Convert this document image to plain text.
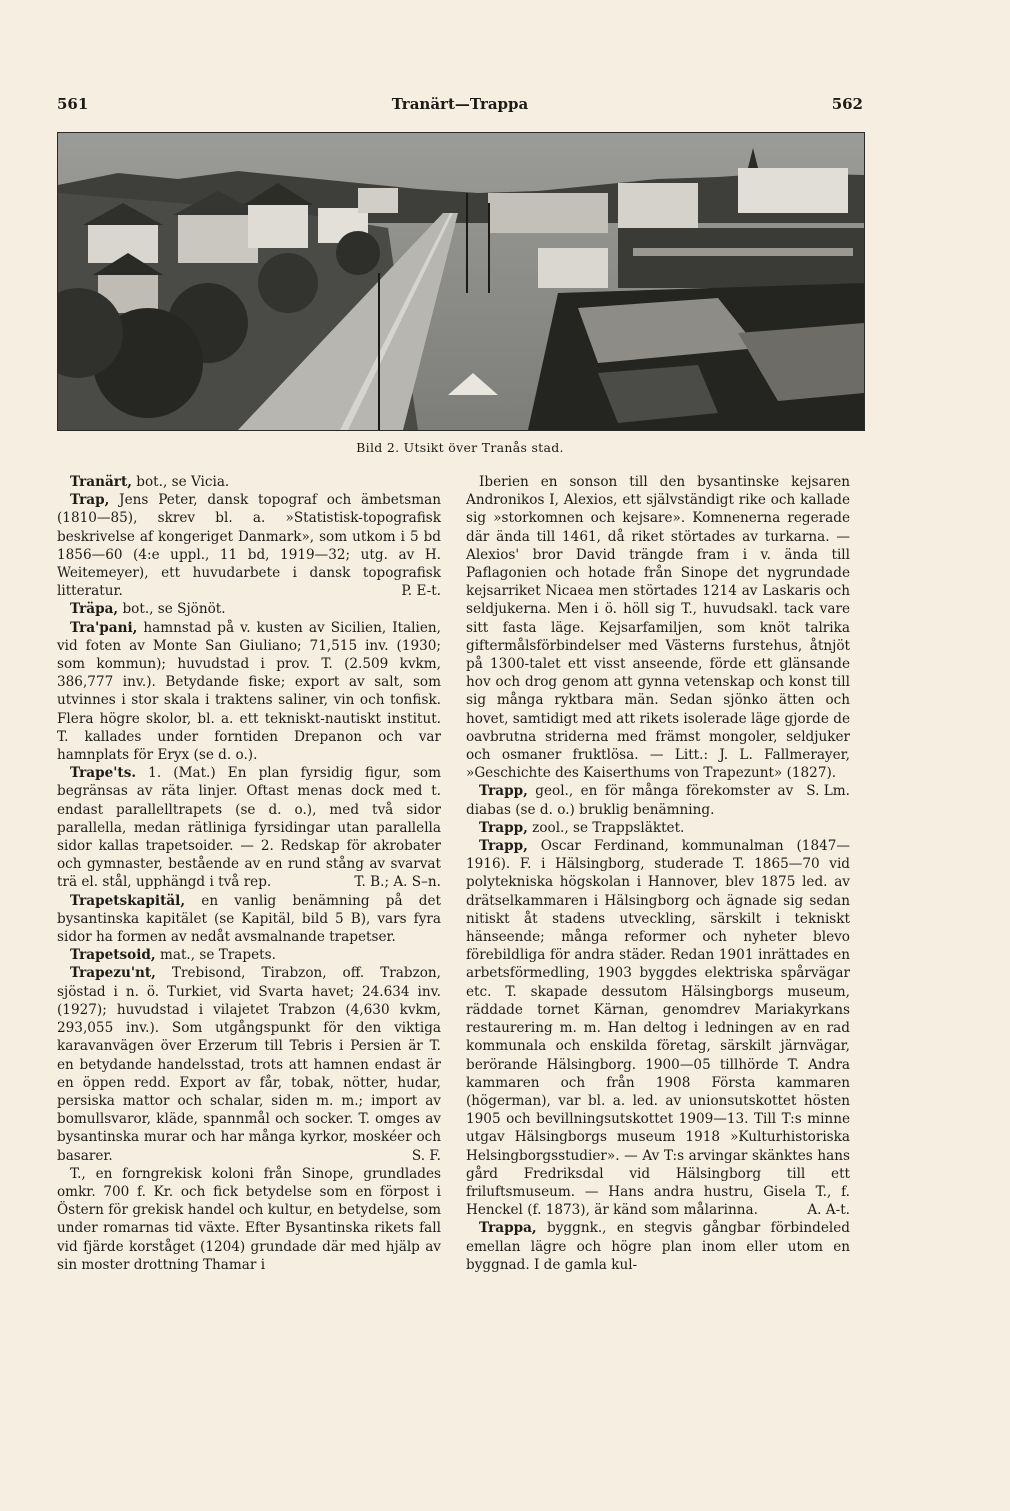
561	Tranärt—Trappa	562
Bild 2. Utsikt över Tranås stad.

Tranärt, bot., se Vicia.

Trap, Jens Peter, dansk topograf och ämbetsman (1810—85), skrev bl. a. »Statistisk-topografisk beskrivelse af kongeriget Danmark», som utkom i 5 bd 1856—60 (4:e uppl., 11 bd, 1919—32; utg. av H. Weitemeyer), ett huvudarbete i dansk topografisk litteratur.	P. E-t.

Träpa, bot., se Sjönöt.

Tra'pani, hamnstad på v. kusten av Sicilien, Italien, vid foten av Monte San Giuliano; 71,515 inv. (1930; som kommun); huvudstad i prov. T. (2.509 kvkm, 386,777 inv.). Betydande fiske; export av salt, som utvinnes i stor skala i traktens saliner, vin och tonfisk. Flera högre skolor, bl. a. ett tekniskt-nautiskt institut. T. kallades under forntiden Drepanon och var hamnplats för Eryx (se d. o.).

Trape'ts. 1. (Mat.) En plan fyrsidig figur, som begränsas av räta linjer. Oftast menas dock med t. endast parallelltrapets (se d. o.), med två sidor parallella, medan rätliniga fyrsidingar utan parallella sidor kallas trapetsoider. — 2. Redskap för akrobater och gymnaster, bestående av en rund stång av svarvat trä el. stål, upphängd i två rep.	T. B.; A. S–n.

Trapetskapitäl, en vanlig benämning på det bysantinska kapitälet (se Kapitäl, bild 5 B), vars fyra sidor ha formen av nedåt avsmalnande trapetser.

Trapetsoid, mat., se Trapets.

Trapezu'nt, Trebisond, Tirabzon, off. Trabzon, sjöstad i n. ö. Turkiet, vid Svarta havet; 24.634 inv. (1927); huvudstad i vilajetet Trabzon (4,630 kvkm, 293,055 inv.). Som utgångspunkt för den viktiga karavanvägen över Erzerum till Tebris i Persien är T. en betydande handelsstad, trots att hamnen endast är en öppen redd. Export av får, tobak, nötter, hudar, persiska mattor och schalar, siden m. m.; import av bomullsvaror, kläde, spannmål och socker. T. omges av bysantinska murar och har många kyrkor, moskéer och basarer.	S. F.

T., en forngrekisk koloni från Sinope, grundlades omkr. 700 f. Kr. och fick betydelse som en förpost i Östern för grekisk handel och kultur, en betydelse, som under romarnas tid växte. Efter Bysantinska rikets fall vid fjärde korståget (1204) grundade där med hjälp av sin moster drottning Thamar i

Iberien en sonson till den bysantinske kejsaren Andronikos I, Alexios, ett självständigt rike och kallade sig »storkomnen och kejsare». Komnenerna regerade där ända till 1461, då riket störtades av turkarna. — Alexios' bror David trängde fram i v. ända till Paflagonien och hotade från Sinope det nygrundade kejsarriket Nicaea men störtades 1214 av Laskaris och seldjukerna. Men i ö. höll sig T., huvudsakl. tack vare sitt fasta läge. Kejsarfamiljen, som knöt talrika giftermålsförbindelser med Västerns furstehus, åtnjöt på 1300-talet ett visst anseende, förde ett glänsande hov och drog genom att gynna vetenskap och konst till sig många ryktbara män. Sedan sjönko ätten och hovet, samtidigt med att rikets isolerade läge gjorde de oavbrutna striderna med främst mongoler, seldjuker och osmaner fruktlösa. — Litt.: J. L. Fallmerayer, »Geschichte des Kaiserthums von Trapezunt» (1827).
S. Lm.

Trapp, geol., en för många förekomster av diabas (se d. o.) bruklig benämning.

Trapp, zool., se Trappsläktet.

Trapp, Oscar Ferdinand, kommunalman (1847—1916). F. i Hälsingborg, studerade T. 1865—70 vid polytekniska högskolan i Hannover, blev 1875 led. av drätselkammaren i Hälsingborg och ägnade sig sedan nitiskt åt stadens utveckling, särskilt i tekniskt hänseende; många reformer och nyheter blevo förebildliga för andra städer. Redan 1901 inrättades en arbetsförmedling, 1903 byggdes elektriska spårvägar etc. T. skapade dessutom Hälsingborgs museum, räddade tornet Kärnan, genomdrev Mariakyrkans restaurering m. m. Han deltog i ledningen av en rad kommunala och enskilda företag, särskilt järnvägar, berörande Hälsingborg. 1900—05 tillhörde T. Andra kammaren och från 1908 Första kammaren (högerman), var bl. a. led. av unionsutskottet hösten 1905 och bevillningsutskottet 1909—13. Till T:s minne utgav Hälsingborgs museum 1918 »Kulturhistoriska Helsingborgsstudier». — Av T:s arvingar skänktes hans gård Fredriksdal vid Hälsingborg till ett friluftsmuseum. — Hans andra hustru, Gisela T., f. Henckel (f. 1873), är känd som målarinna.	A. A-t.

Trappa, byggnk., en stegvis gångbar förbindeled emellan lägre och högre plan inom eller utom en byggnad. I de gamla kul-
